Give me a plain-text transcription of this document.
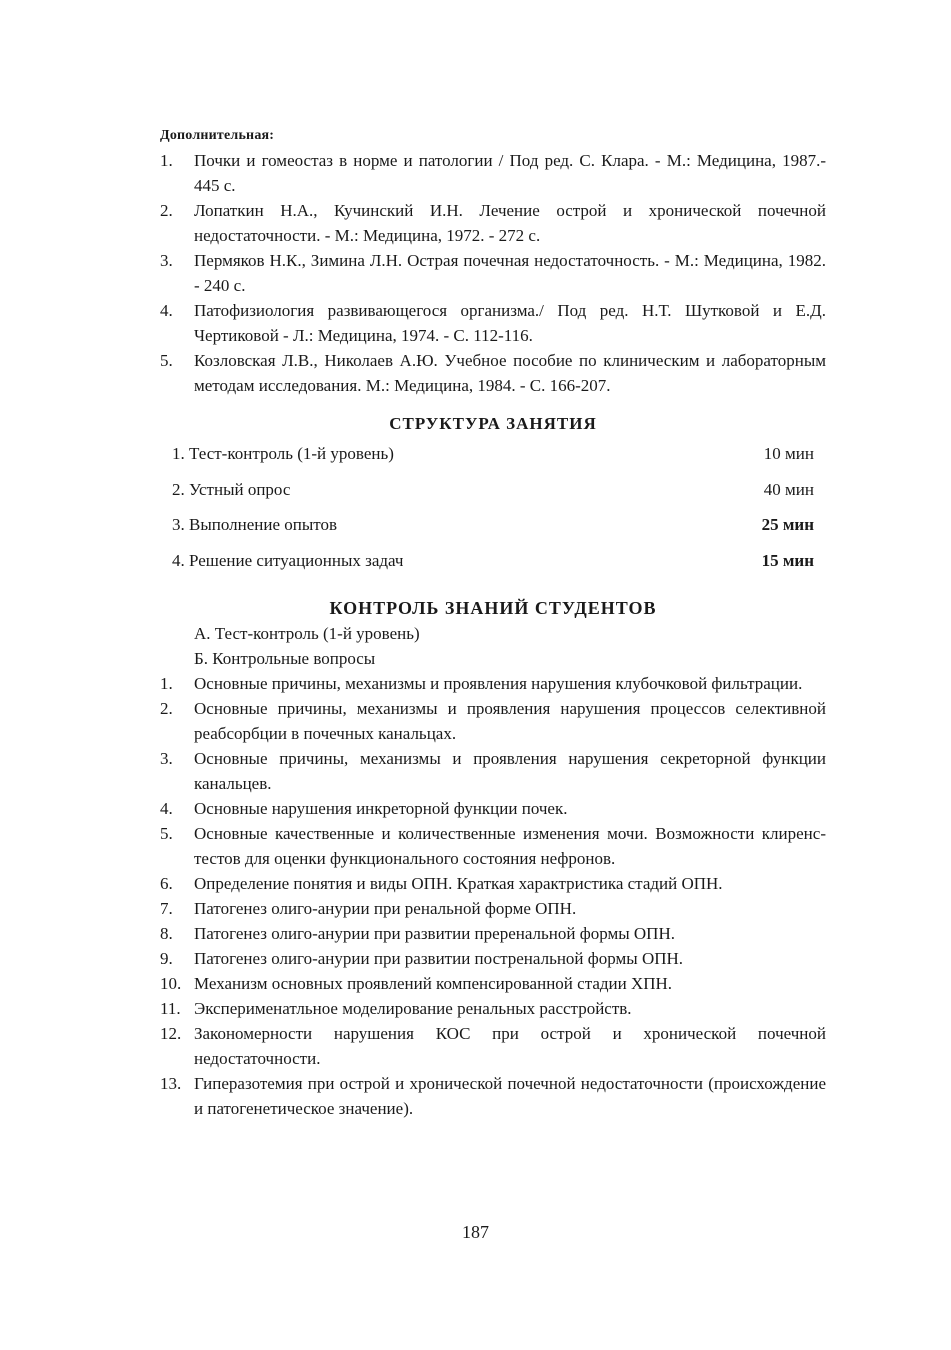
Дополнительная:
1.	Почки и гомеостаз в норме и патологии / Под ред. С. Клара. - М.: Медицина, 1987.- 445 с.
2.	Лопаткин Н.А., Кучинский И.Н. Лечение острой и хронической почечной недостаточности. - М.: Медицина, 1972. - 272 с.
3.	Пермяков Н.К., Зимина Л.Н. Острая почечная недостаточность. - М.: Медицина, 1982. - 240 с.
4.	Патофизиология развивающегося организма./ Под ред. Н.Т. Шутковой и Е.Д. Чертиковой - Л.: Медицина, 1974. - С. 112-116.
5.	Козловская Л.В., Николаев А.Ю. Учебное пособие по клиническим и лабораторным методам исследования. М.: Медицина, 1984. - С. 166-207.
СТРУКТУРА ЗАНЯТИЯ
1. Тест-контроль (1-й уровень)	10 мин
2. Устный опрос	40 мин
3. Выполнение опытов	25 мин
4. Решение ситуационных задач	15 мин
КОНТРОЛЬ ЗНАНИЙ СТУДЕНТОВ
А. Тест-контроль (1-й уровень)
Б. Контрольные вопросы
1.	Основные причины, механизмы и проявления нарушения клубочковой фильтрации.
2.	Основные причины, механизмы и проявления нарушения процессов селективной реабсорбции в почечных канальцах.
3.	Основные причины, механизмы и проявления нарушения секреторной функции канальцев.
4.	Основные нарушения инкреторной функции почек.
5.	Основные качественные и количественные изменения мочи. Возможности клиренс-тестов для оценки функционального состояния нефронов.
6.	Определение понятия и виды ОПН. Краткая характристика стадий ОПН.
7.	Патогенез олиго-анурии при ренальной форме ОПН.
8.	Патогенез олиго-анурии при развитии преренальной формы ОПН.
9.	Патогенез олиго-анурии при развитии постренальной формы ОПН.
10. Механизм основных проявлений компенсированной стадии ХПН.
11. Эксперименатльное моделирование ренальных расстройств.
12. Закономерности нарушения КОС при острой и хронической почечной недостаточности.
13. Гиперазотемия при острой и хронической почечной недостаточности (происхождение и патогенетическое значение).
187
